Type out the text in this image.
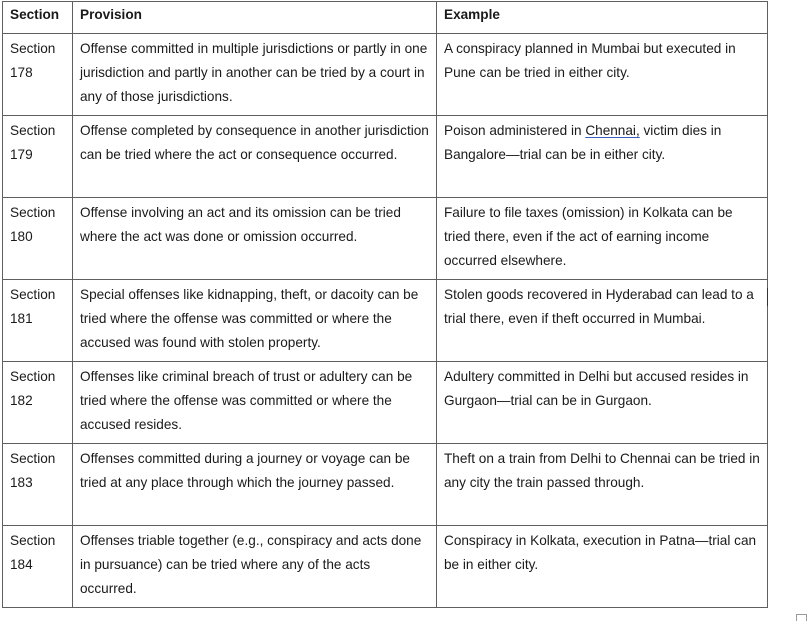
Section	Provision	Example
Section 178	Offense committed in multiple jurisdictions or partly in one jurisdiction and partly in another can be tried by a court in any of those jurisdictions.	A conspiracy planned in Mumbai but executed in Pune can be tried in either city.
Section 179	Offense completed by consequence in another jurisdiction can be tried where the act or consequence occurred.	Poison administered in Chennai, victim dies in Bangalore—trial can be in either city.
Section 180	Offense involving an act and its omission can be tried where the act was done or omission occurred.	Failure to file taxes (omission) in Kolkata can be tried there, even if the act of earning income occurred elsewhere.
Section 181	Special offenses like kidnapping, theft, or dacoity can be tried where the offense was committed or where the accused was found with stolen property.	Stolen goods recovered in Hyderabad can lead to a trial there, even if theft occurred in Mumbai.
Section 182	Offenses like criminal breach of trust or adultery can be tried where the offense was committed or where the accused resides.	Adultery committed in Delhi but accused resides in Gurgaon—trial can be in Gurgaon.
Section 183	Offenses committed during a journey or voyage can be tried at any place through which the journey passed.	Theft on a train from Delhi to Chennai can be tried in any city the train passed through.
Section 184	Offenses triable together (e.g., conspiracy and acts done in pursuance) can be tried where any of the acts occurred.	Conspiracy in Kolkata, execution in Patna—trial can be in either city.
